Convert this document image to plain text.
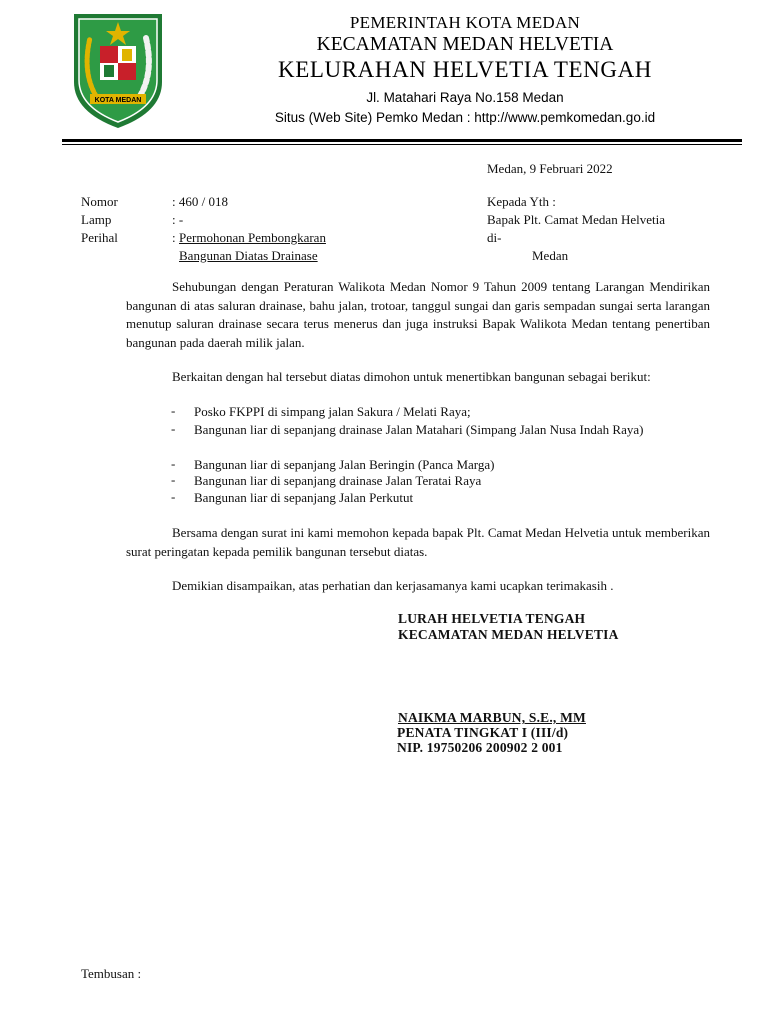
KOTA MEDAN
PEMERINTAH KOTA MEDAN
KECAMATAN MEDAN HELVETIA
KELURAHAN HELVETIA TENGAH
Jl. Matahari Raya No.158 Medan
Situs (Web Site) Pemko Medan : http://www.pemkomedan.go.id
Medan, 9 Februari 2022
Nomor	: 460 / 018
Lamp	: -
Perihal	: Permohonan Pembongkaran
Bangunan Diatas Drainase
Kepada Yth :
Bapak Plt. Camat Medan Helvetia
di-
Medan
Sehubungan dengan Peraturan Walikota Medan Nomor 9 Tahun 2009 tentang Larangan Mendirikan bangunan di atas saluran drainase, bahu jalan, trotoar, tanggul sungai dan garis sempadan sungai serta larangan menutup saluran drainase secara terus menerus dan juga instruksi Bapak Walikota Medan tentang penertiban bangunan pada daerah milik jalan.
Berkaitan dengan hal tersebut diatas dimohon untuk menertibkan bangunan sebagai berikut:
- Posko FKPPI di simpang jalan Sakura / Melati Raya;
- Bangunan liar di sepanjang drainase Jalan Matahari (Simpang Jalan Nusa Indah Raya)
- Bangunan liar di sepanjang Jalan Beringin (Panca Marga)
- Bangunan liar di sepanjang drainase Jalan Teratai Raya
- Bangunan liar di sepanjang Jalan Perkutut
Bersama dengan surat ini kami memohon kepada bapak Plt. Camat Medan Helvetia untuk memberikan surat peringatan kepada pemilik bangunan tersebut diatas.
Demikian disampaikan, atas perhatian dan kerjasamanya kami ucapkan terimakasih .
LURAH HELVETIA TENGAH
KECAMATAN MEDAN HELVETIA
NAIKMA MARBUN, S.E., MM
PENATA TINGKAT I (III/d)
NIP. 19750206 200902 2 001
Tembusan :
